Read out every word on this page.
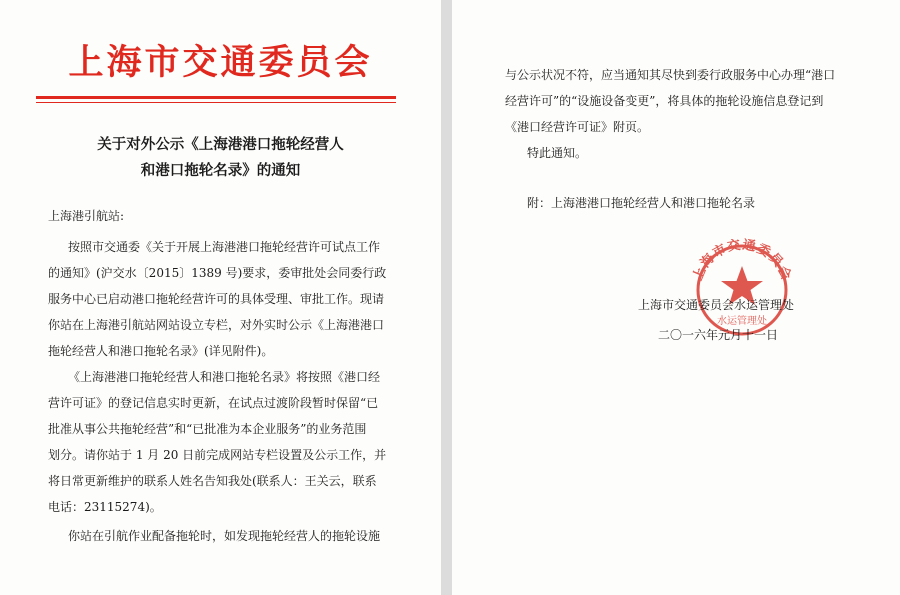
上海市交通委员会
关于对外公示《上海港港口拖轮经营人
和港口拖轮名录》的通知
上海港引航站:
按照市交通委《关于开展上海港港口拖轮经营许可试点工作
的通知》(沪交水〔2015〕1389 号)要求，委审批处会同委行政
服务中心已启动港口拖轮经营许可的具体受理、审批工作。现请
你站在上海港引航站网站设立专栏，对外实时公示《上海港港口
拖轮经营人和港口拖轮名录》(详见附件)。
《上海港港口拖轮经营人和港口拖轮名录》将按照《港口经
营许可证》的登记信息实时更新，在试点过渡阶段暂时保留“已
批准从事公共拖轮经营”和“已批准为本企业服务”的业务范围
划分。请你站于 1 月 20 日前完成网站专栏设置及公示工作，并
将日常更新维护的联系人姓名告知我处(联系人：王关云，联系
电话：23115274)。
你站在引航作业配备拖轮时，如发现拖轮经营人的拖轮设施
与公示状况不符，应当通知其尽快到委行政服务中心办理“港口
经营许可”的“设施设备变更”，将具体的拖轮设施信息登记到
《港口经营许可证》附页。
特此通知。
附：上海港港口拖轮经营人和港口拖轮名录
上海市交通委员会
水运管理处
上海市交通委员会水运管理处
二〇一六年元月十一日
